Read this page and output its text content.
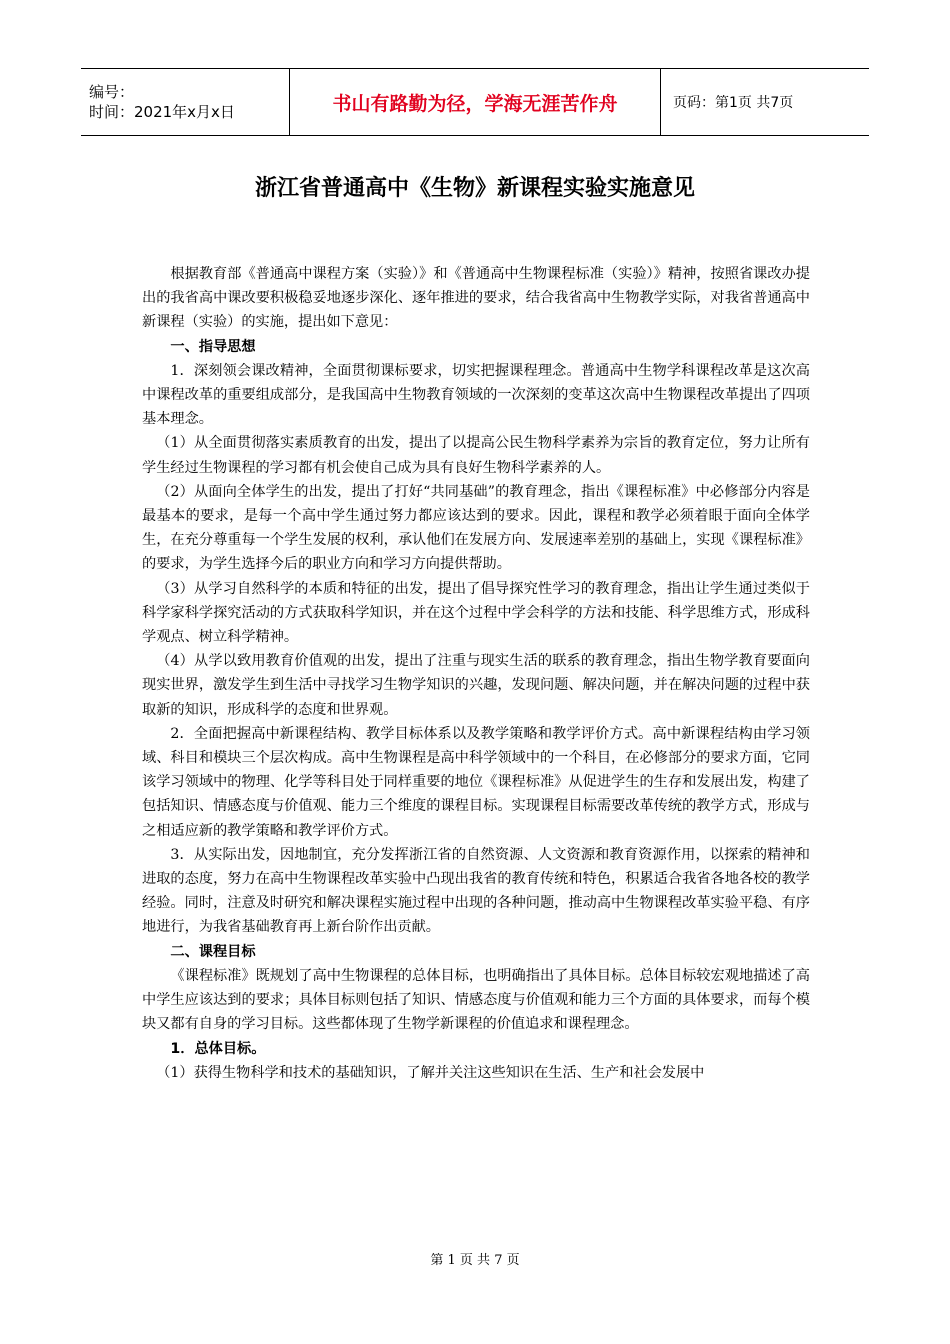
编号：
时间：2021年x月x日	书山有路勤为径，学海无涯苦作舟	页码：第1页 共7页
浙江省普通高中《生物》新课程实验实施意见

根据教育部《普通高中课程方案（实验）》和《普通高中生物课程标准（实验）》精神，按照省课改办提出的我省高中课改要积极稳妥地逐步深化、逐年推进的要求，结合我省高中生物教学实际，对我省普通高中新课程（实验）的实施，提出如下意见：

一、指导思想

1．深刻领会课改精神，全面贯彻课标要求，切实把握课程理念。普通高中生物学科课程改革是这次高中课程改革的重要组成部分，是我国高中生物教育领域的一次深刻的变革这次高中生物课程改革提出了四项基本理念。

（1）从全面贯彻落实素质教育的出发，提出了以提高公民生物科学素养为宗旨的教育定位，努力让所有学生经过生物课程的学习都有机会使自己成为具有良好生物科学素养的人。

（2）从面向全体学生的出发，提出了打好“共同基础”的教育理念，指出《课程标准》中必修部分内容是最基本的要求，是每一个高中学生通过努力都应该达到的要求。因此，课程和教学必须着眼于面向全体学生，在充分尊重每一个学生发展的权利，承认他们在发展方向、发展速率差别的基础上，实现《课程标准》的要求，为学生选择今后的职业方向和学习方向提供帮助。

（3）从学习自然科学的本质和特征的出发，提出了倡导探究性学习的教育理念，指出让学生通过类似于科学家科学探究活动的方式获取科学知识，并在这个过程中学会科学的方法和技能、科学思维方式，形成科学观点、树立科学精神。

（4）从学以致用教育价值观的出发，提出了注重与现实生活的联系的教育理念，指出生物学教育要面向现实世界，激发学生到生活中寻找学习生物学知识的兴趣，发现问题、解决问题，并在解决问题的过程中获取新的知识，形成科学的态度和世界观。

2．全面把握高中新课程结构、教学目标体系以及教学策略和教学评价方式。高中新课程结构由学习领域、科目和模块三个层次构成。高中生物课程是高中科学领域中的一个科目，在必修部分的要求方面，它同该学习领域中的物理、化学等科目处于同样重要的地位《课程标准》从促进学生的生存和发展出发，构建了包括知识、情感态度与价值观、能力三个维度的课程目标。实现课程目标需要改革传统的教学方式，形成与之相适应新的教学策略和教学评价方式。

3．从实际出发，因地制宜，充分发挥浙江省的自然资源、人文资源和教育资源作用，以探索的精神和进取的态度，努力在高中生物课程改革实验中凸现出我省的教育传统和特色，积累适合我省各地各校的教学经验。同时，注意及时研究和解决课程实施过程中出现的各种问题，推动高中生物课程改革实验平稳、有序地进行，为我省基础教育再上新台阶作出贡献。

二、课程目标

《课程标准》既规划了高中生物课程的总体目标，也明确指出了具体目标。总体目标较宏观地描述了高中学生应该达到的要求；具体目标则包括了知识、情感态度与价值观和能力三个方面的具体要求，而每个模块又都有自身的学习目标。这些都体现了生物学新课程的价值追求和课程理念。

1．总体目标。

（1）获得生物科学和技术的基础知识，了解并关注这些知识在生活、生产和社会发展中

第 1 页 共 7 页
